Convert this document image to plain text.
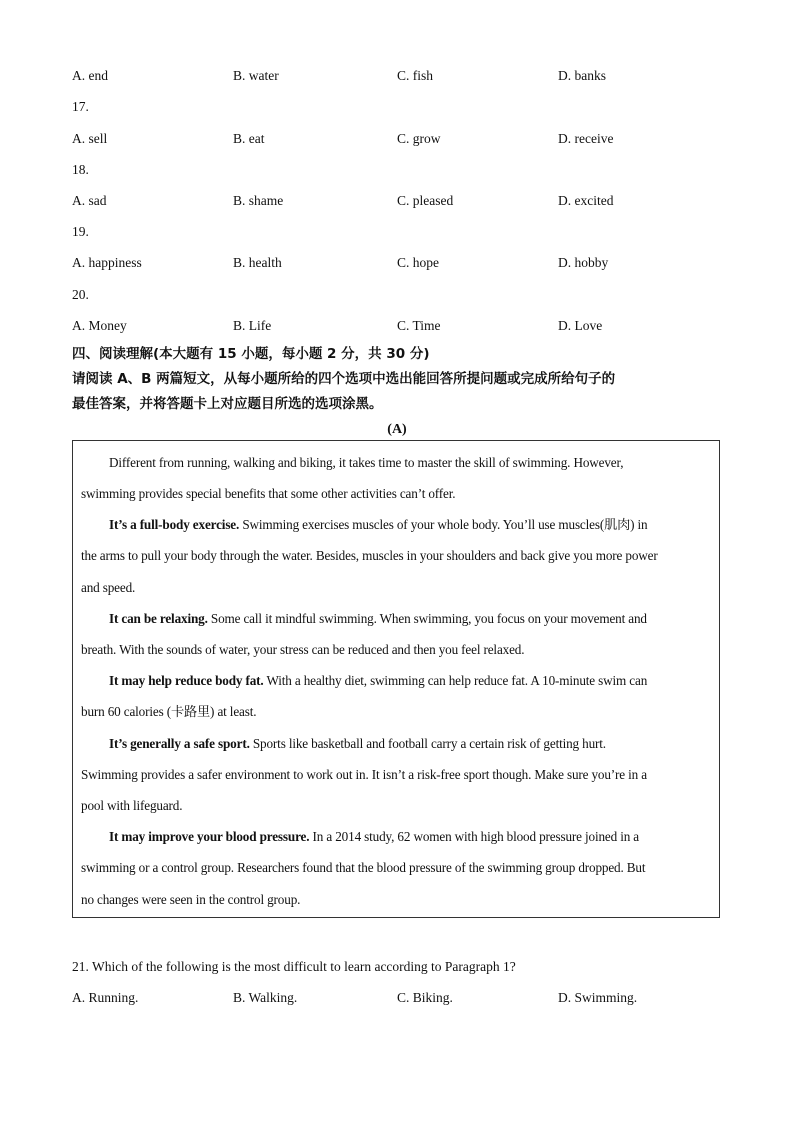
A. end	B. water	C. fish	D. banks
17.
A. sell	B. eat	C. grow	D. receive
18.
A. sad	B. shame	C. pleased	D. excited
19.
A. happiness	B. health	C. hope	D. hobby
20.
A. Money	B. Life	C. Time	D. Love
四、阅读理解(本大题有 15 小题，每小题 2 分，共 30 分)
请阅读 A、B 两篇短文，从每小题所给的四个选项中选出能回答所提问题或完成所给句子的
最佳答案，并将答题卡上对应题目所选的选项涂黑。
(A)
Different from running, walking and biking, it takes time to master the skill of swimming. However,
swimming provides special benefits that some other activities can’t offer.
It’s a full-body exercise. Swimming exercises muscles of your whole body. You’ll use muscles(肌肉) in
the arms to pull your body through the water. Besides, muscles in your shoulders and back give you more power
and speed.
It can be relaxing. Some call it mindful swimming. When swimming, you focus on your movement and
breath. With the sounds of water, your stress can be reduced and then you feel relaxed.
It may help reduce body fat. With a healthy diet, swimming can help reduce fat. A 10-minute swim can
burn 60 calories (卡路里) at least.
It’s generally a safe sport. Sports like basketball and football carry a certain risk of getting hurt.
Swimming provides a safer environment to work out in. It isn’t a risk-free sport though. Make sure you’re in a
pool with lifeguard.
It may improve your blood pressure. In a 2014 study, 62 women with high blood pressure joined in a
swimming or a control group. Researchers found that the blood pressure of the swimming group dropped. But
no changes were seen in the control group.
21. Which of the following is the most difficult to learn according to Paragraph 1?
A. Running.	B. Walking.	C. Biking.	D. Swimming.
